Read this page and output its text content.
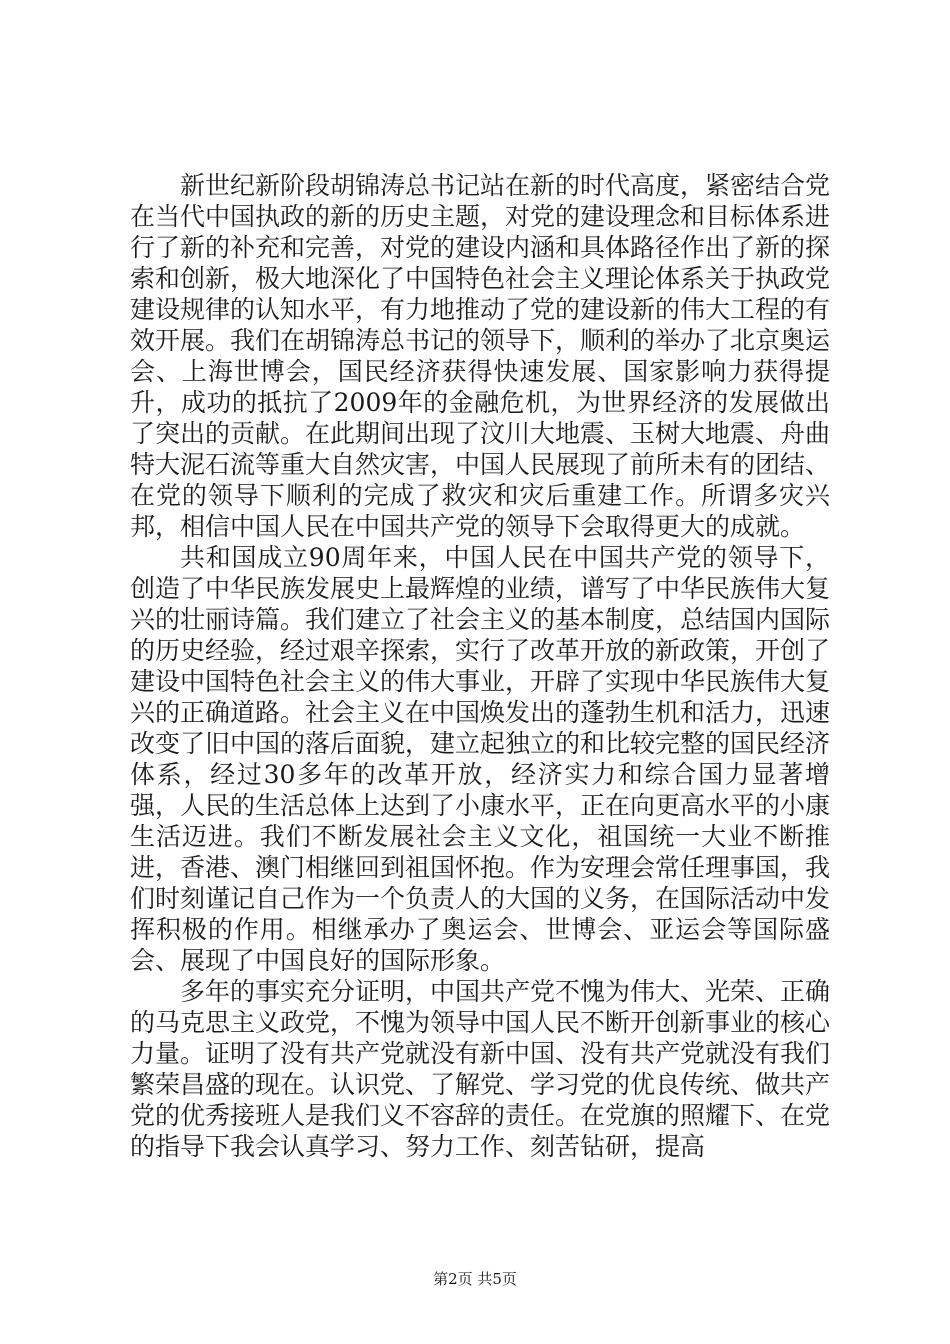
新世纪新阶段胡锦涛总书记站在新的时代高度，紧密结合党在当代中国执政的新的历史主题，对党的建设理念和目标体系进行了新的补充和完善，对党的建设内涵和具体路径作出了新的探索和创新，极大地深化了中国特色社会主义理论体系关于执政党建设规律的认知水平，有力地推动了党的建设新的伟大工程的有效开展。我们在胡锦涛总书记的领导下，顺利的举办了北京奥运会、上海世博会，国民经济获得快速发展、国家影响力获得提升，成功的抵抗了2009年的金融危机，为世界经济的发展做出了突出的贡献。在此期间出现了汶川大地震、玉树大地震、舟曲特大泥石流等重大自然灾害，中国人民展现了前所未有的团结、在党的领导下顺利的完成了救灾和灾后重建工作。所谓多灾兴邦，相信中国人民在中国共产党的领导下会取得更大的成就。

共和国成立90周年来，中国人民在中国共产党的领导下，创造了中华民族发展史上最辉煌的业绩，谱写了中华民族伟大复兴的壮丽诗篇。我们建立了社会主义的基本制度，总结国内国际的历史经验，经过艰辛探索，实行了改革开放的新政策，开创了建设中国特色社会主义的伟大事业，开辟了实现中华民族伟大复兴的正确道路。社会主义在中国焕发出的蓬勃生机和活力，迅速改变了旧中国的落后面貌，建立起独立的和比较完整的国民经济体系，经过30多年的改革开放，经济实力和综合国力显著增强，人民的生活总体上达到了小康水平，正在向更高水平的小康生活迈进。我们不断发展社会主义文化，祖国统一大业不断推进，香港、澳门相继回到祖国怀抱。作为安理会常任理事国，我们时刻谨记自己作为一个负责人的大国的义务，在国际活动中发挥积极的作用。相继承办了奥运会、世博会、亚运会等国际盛会、展现了中国良好的国际形象。

多年的事实充分证明，中国共产党不愧为伟大、光荣、正确的马克思主义政党，不愧为领导中国人民不断开创新事业的核心力量。证明了没有共产党就没有新中国、没有共产党就没有我们繁荣昌盛的现在。认识党、了解党、学习党的优良传统、做共产党的优秀接班人是我们义不容辞的责任。在党旗的照耀下、在党的指导下我会认真学习、努力工作、刻苦钻研，提高

第2页 共5页
